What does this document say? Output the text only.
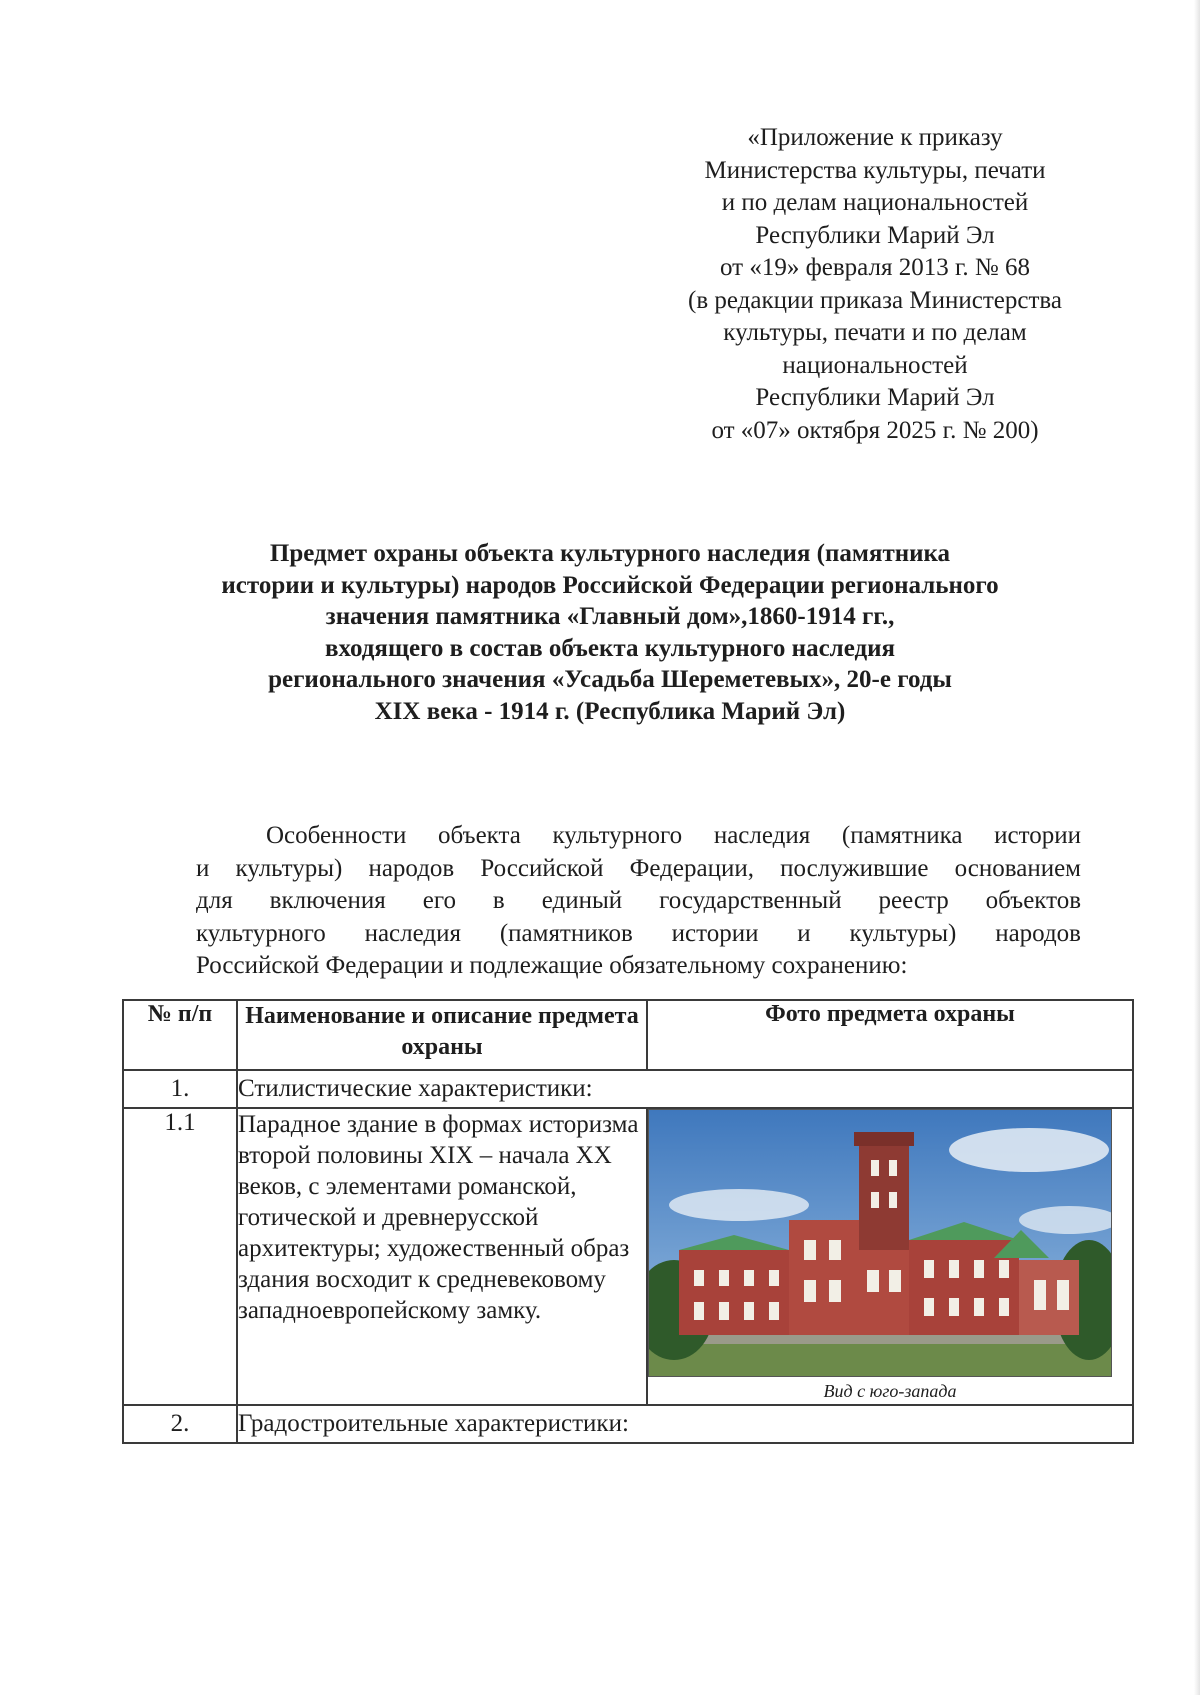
«Приложение к приказу
Министерства культуры, печати
и по делам национальностей
Республики Марий Эл
от «19» февраля 2013 г. № 68
(в редакции приказа Министерства
культуры, печати и по делам
национальностей
Республики Марий Эл
от «07» октября 2025 г. № 200)
Предмет охраны объекта культурного наследия (памятника
истории и культуры) народов Российской Федерации регионального
значения памятника «Главный дом»,1860-1914 гг.,
входящего в состав объекта культурного наследия
регионального значения «Усадьба Шереметевых», 20-е годы
XIX века - 1914 г. (Республика Марий Эл)
Особенности объекта культурного наследия (памятника истории
и культуры) народов Российской Федерации, послужившие основанием
для включения его в единый государственный реестр объектов
культурного наследия (памятников истории и культуры) народов
Российской Федерации и подлежащие обязательному сохранению:
№ п/п	Наименование и описание предмета охраны	Фото предмета охраны
1.	Стилистические характеристики:	
1.1	Парадное здание в формах историзма второй половины XIX – начала XX веков, с элементами романской, готической и древнерусской архитектуры; художественный образ здания восходит к средневековому западноевропейскому замку.	Вид с юго-запада

2.	Градостроительные характеристики:	
